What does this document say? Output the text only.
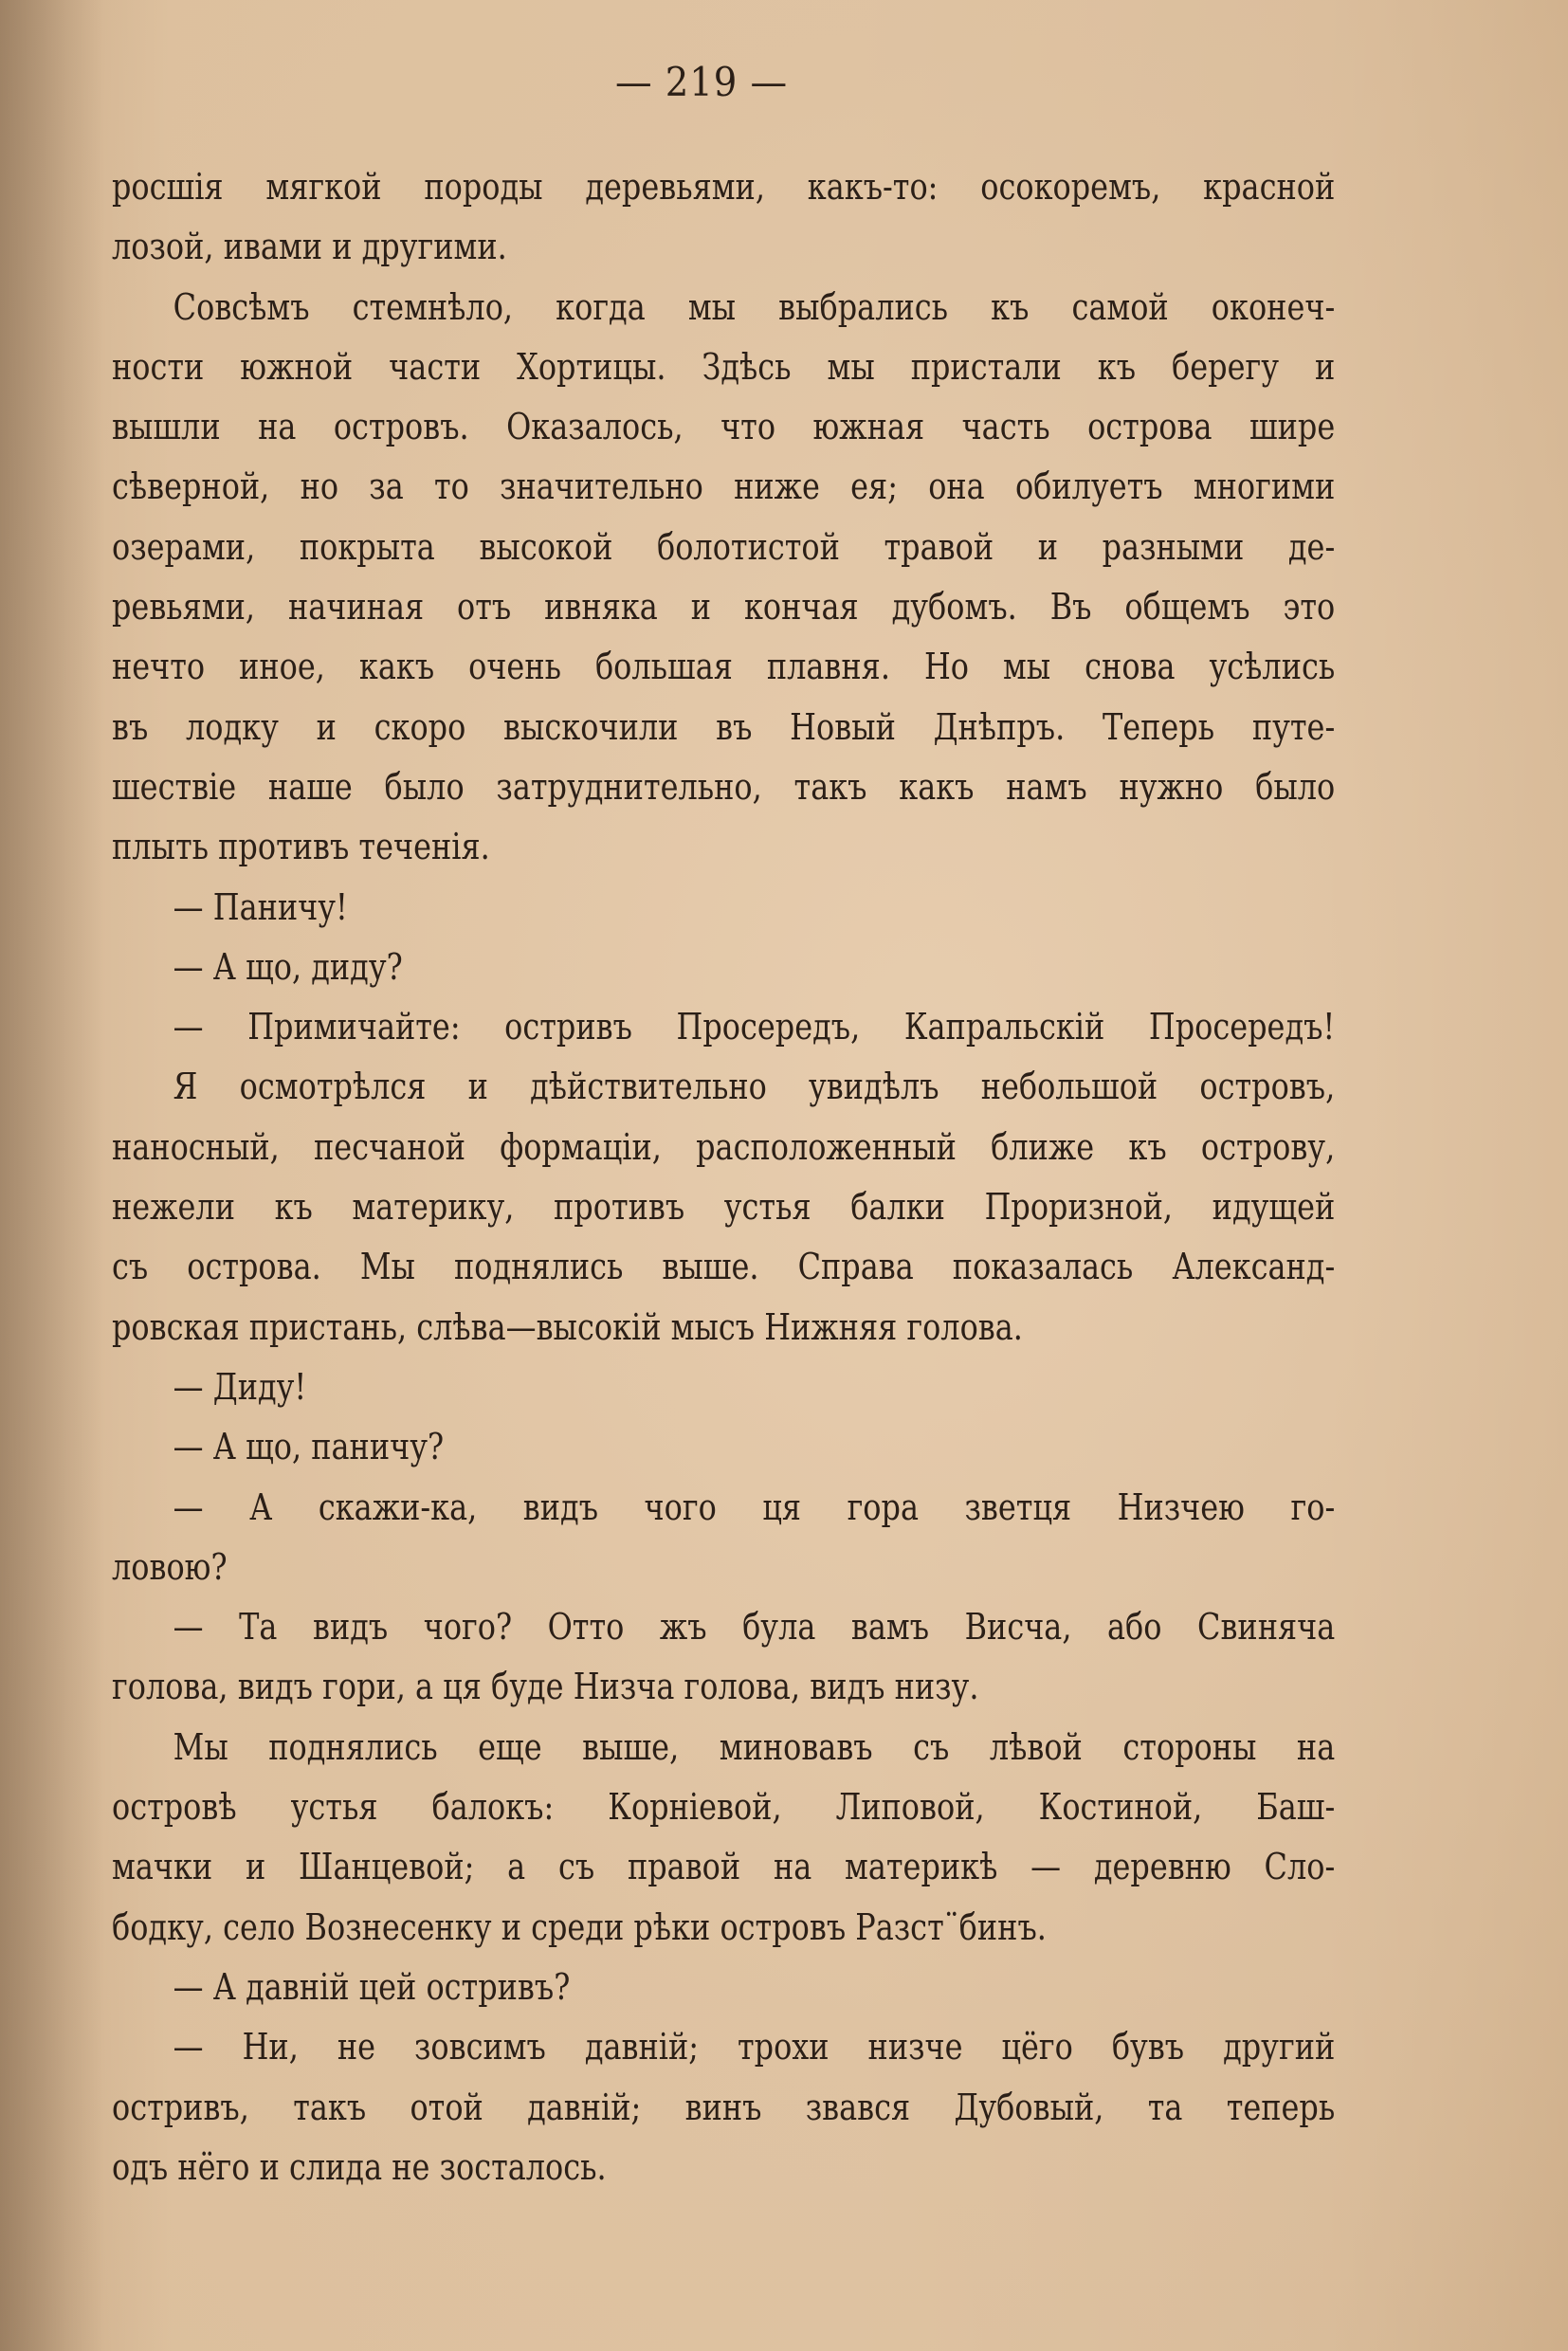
— 219 —
росшія мягкой породы деревьями, какъ-то: осокоремъ, красной
лозой, ивами и другими.
Совсѣмъ стемнѣло, когда мы выбрались къ самой оконеч-
ности южной части Хортицы. Здѣсь мы пристали къ берегу и
вышли на островъ. Оказалось, что южная часть острова шире
сѣверной, но за то значительно ниже ея; она обилуетъ многими
озерами, покрыта высокой болотистой травой и разными де-
ревьями, начиная отъ ивняка и кончая дубомъ. Въ общемъ это
нечто иное, какъ очень большая плавня. Но мы снова усѣлись
въ лодку и скоро выскочили въ Новый Днѣпръ. Теперь путе-
шествіе наше было затруднительно, такъ какъ намъ нужно было
плыть противъ теченія.
— Паничу!
— А що, диду?
— Примичайте: остривъ Просередъ, Капральскій Просередъ!
Я осмотрѣлся и дѣйствительно увидѣлъ небольшой островъ,
наносный, песчаной формаціи, расположенный ближе къ острову,
нежели къ материку, противъ устья балки Проризной, идущей
съ острова. Мы поднялись выше. Справа показалась Александ-
ровская пристань, слѣва—высокій мысъ Нижняя голова.
— Диду!
— А що, паничу?
— А скажи-ка, видъ чого ця гора зветця Низчею го-
ловою?
— Та видъ чого? Отто жъ була вамъ Висча, або Свиняча
голова, видъ гори, а ця буде Низча голова, видъ низу.
Мы поднялись еще выше, миновавъ съ лѣвой стороны на
островѣ устья балокъ: Корніевой, Липовой, Костиной, Баш-
мачки и Шанцевой; а съ правой на материкѣ — деревню Сло-
бодку, село Вознесенку и среди рѣки островъ Разст¨бинъ.
— А давній цей остривъ?
— Ни, не зовсимъ давній; трохи низче цёго бувъ другий
остривъ, такъ отой давній; винъ звався Дубовый, та теперь
одъ нёго и слида не зосталось.
